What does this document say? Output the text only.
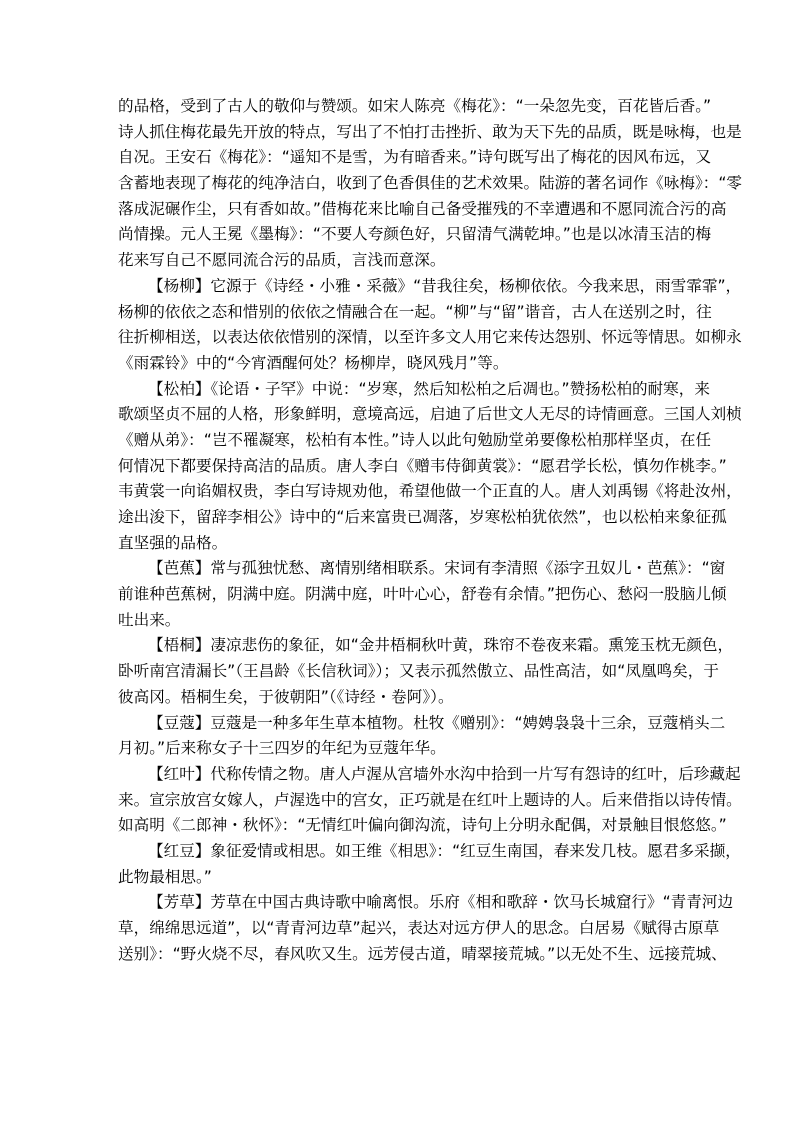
的品格，受到了古人的敬仰与赞颂。如宋人陈亮《梅花》：“一朵忽先变，百花皆后香。”
诗人抓住梅花最先开放的特点，写出了不怕打击挫折、敢为天下先的品质，既是咏梅，也是
自况。王安石《梅花》：“遥知不是雪，为有暗香来。”诗句既写出了梅花的因风布远，又
含蓄地表现了梅花的纯净洁白，收到了色香俱佳的艺术效果。陆游的著名词作《咏梅》：“零
落成泥碾作尘，只有香如故。”借梅花来比喻自己备受摧残的不幸遭遇和不愿同流合污的高
尚情操。元人王冕《墨梅》：“不要人夸颜色好，只留清气满乾坤。”也是以冰清玉洁的梅
花来写自己不愿同流合污的品质，言浅而意深。
【杨柳】它源于《诗经・小雅・采薇》“昔我往矣，杨柳依依。今我来思，雨雪霏霏”，
杨柳的依依之态和惜别的依依之情融合在一起。“柳”与“留”谐音，古人在送别之时，往
往折柳相送，以表达依依惜别的深情，以至许多文人用它来传达怨别、怀远等情思。如柳永
《雨霖铃》中的“今宵酒醒何处？杨柳岸，晓风残月”等。
【松柏】《论语・子罕》中说：“岁寒，然后知松柏之后凋也。”赞扬松柏的耐寒，来
歌颂坚贞不屈的人格，形象鲜明，意境高远，启迪了后世文人无尽的诗情画意。三国人刘桢
《赠从弟》：“岂不罹凝寒，松柏有本性。”诗人以此句勉励堂弟要像松柏那样坚贞，在任
何情况下都要保持高洁的品质。唐人李白《赠韦侍御黄裳》：“愿君学长松，慎勿作桃李。”
韦黄裳一向谄媚权贵，李白写诗规劝他，希望他做一个正直的人。唐人刘禹锡《将赴汝州，
途出浚下，留辞李相公》诗中的“后来富贵已凋落，岁寒松柏犹依然”，也以松柏来象征孤
直坚强的品格。
【芭蕉】常与孤独忧愁、离情别绪相联系。宋词有李清照《添字丑奴儿・芭蕉》：“窗
前谁种芭蕉树，阴满中庭。阴满中庭，叶叶心心，舒卷有余情。”把伤心、愁闷一股脑儿倾
吐出来。
【梧桐】凄凉悲伤的象征，如“金井梧桐秋叶黄，珠帘不卷夜来霜。熏笼玉枕无颜色，
卧听南宫清漏长”（王昌龄《长信秋词》）；又表示孤然傲立、品性高洁，如“凤凰鸣矣，于
彼高冈。梧桐生矣，于彼朝阳”（《诗经・卷阿》）。
【豆蔻】豆蔻是一种多年生草本植物。杜牧《赠别》：“娉娉袅袅十三余，豆蔻梢头二
月初。”后来称女子十三四岁的年纪为豆蔻年华。
【红叶】代称传情之物。唐人卢渥从宫墙外水沟中拾到一片写有怨诗的红叶，后珍藏起
来。宣宗放宫女嫁人，卢渥选中的宫女，正巧就是在红叶上题诗的人。后来借指以诗传情。
如高明《二郎神・秋怀》：“无情红叶偏向御沟流，诗句上分明永配偶，对景触目恨悠悠。”
【红豆】象征爱情或相思。如王维《相思》：“红豆生南国，春来发几枝。愿君多采撷，
此物最相思。”
【芳草】芳草在中国古典诗歌中喻离恨。乐府《相和歌辞・饮马长城窟行》“青青河边
草，绵绵思远道”，以“青青河边草”起兴，表达对远方伊人的思念。白居易《赋得古原草
送别》：“野火烧不尽，春风吹又生。远芳侵古道，晴翠接荒城。”以无处不生、远接荒城、
